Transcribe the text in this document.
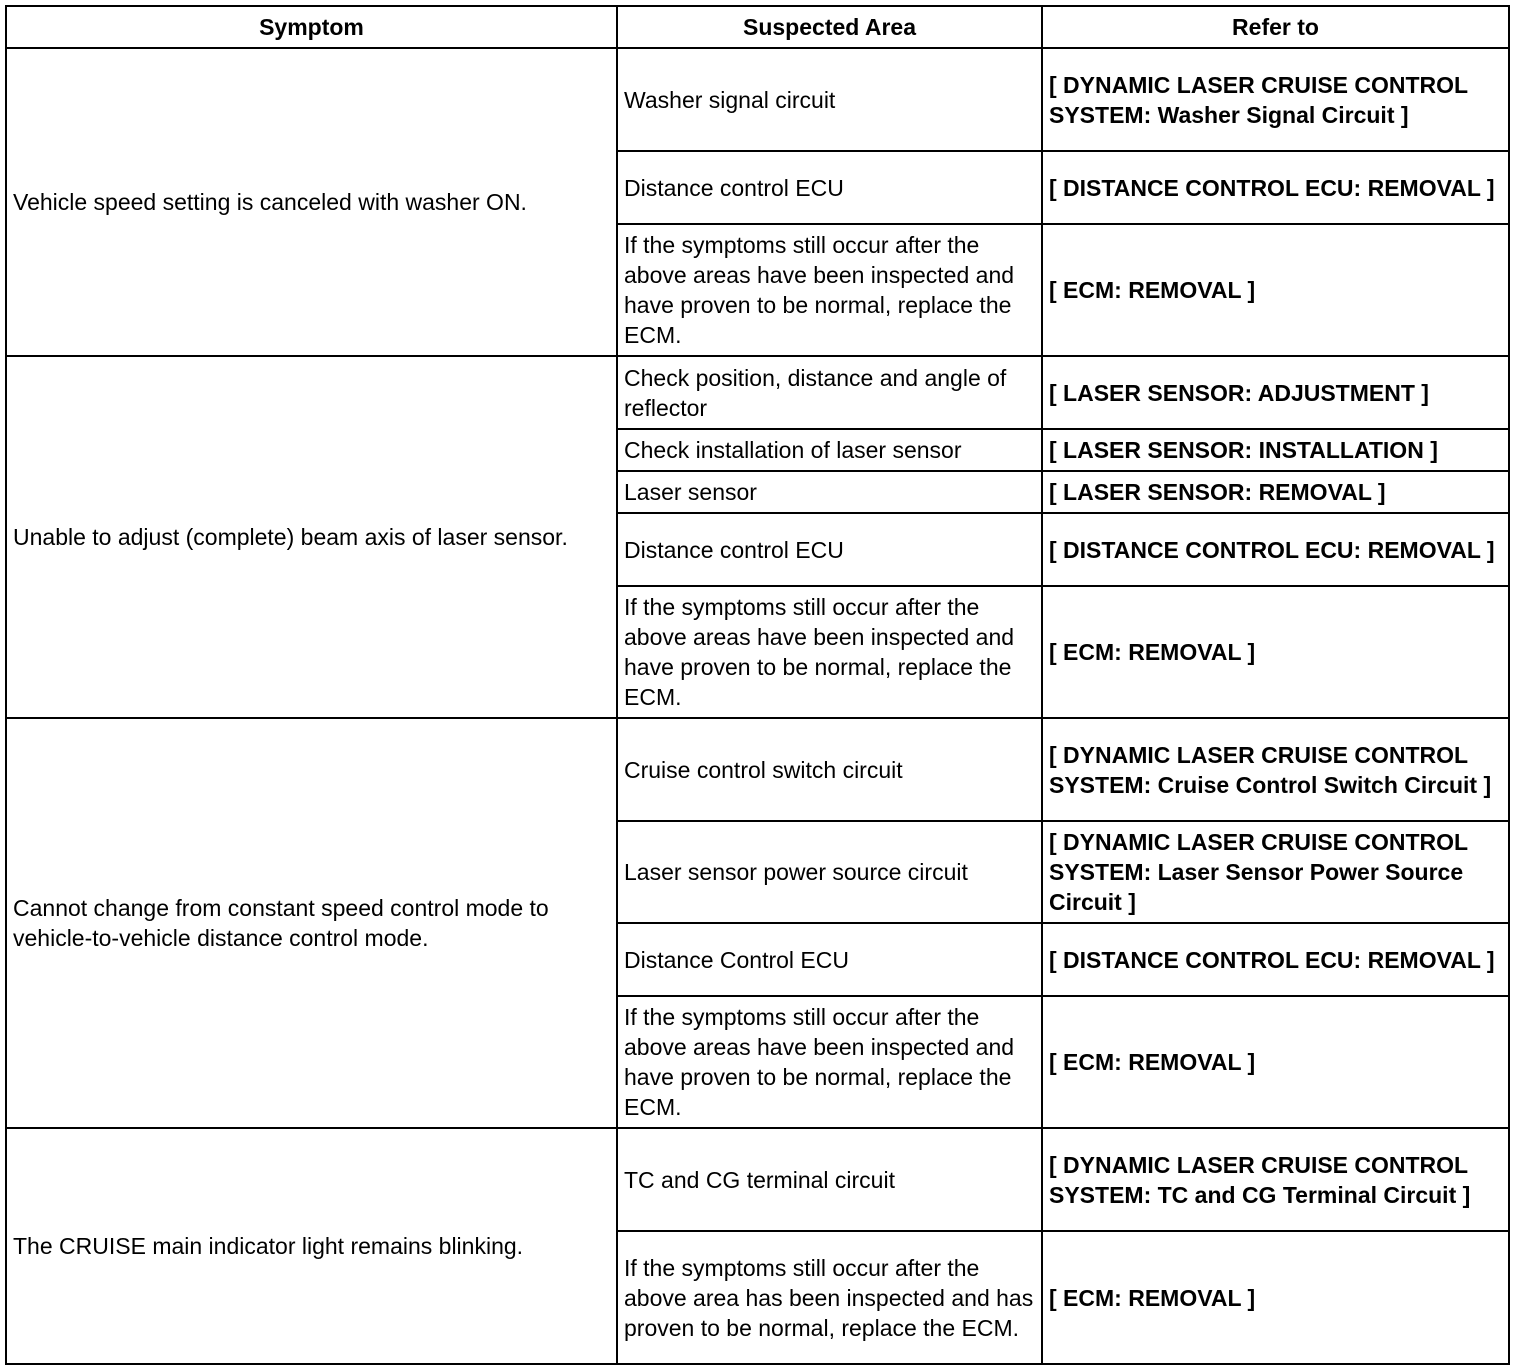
Symptom	Suspected Area	Refer to
Vehicle speed setting is canceled with washer ON.	Washer signal circuit	[ DYNAMIC LASER CRUISE CONTROL SYSTEM: Washer Signal Circuit ]
	Distance control ECU	[ DISTANCE CONTROL ECU: REMOVAL ]
	If the symptoms still occur after the above areas have been inspected and have proven to be normal, replace the ECM.	[ ECM: REMOVAL ]
Unable to adjust (complete) beam axis of laser sensor.	Check position, distance and angle of reflector	[ LASER SENSOR: ADJUSTMENT ]
	Check installation of laser sensor	[ LASER SENSOR: INSTALLATION ]
	Laser sensor	[ LASER SENSOR: REMOVAL ]
	Distance control ECU	[ DISTANCE CONTROL ECU: REMOVAL ]
	If the symptoms still occur after the above areas have been inspected and have proven to be normal, replace the ECM.	[ ECM: REMOVAL ]
Cannot change from constant speed control mode to vehicle-to-vehicle distance control mode.	Cruise control switch circuit	[ DYNAMIC LASER CRUISE CONTROL SYSTEM: Cruise Control Switch Circuit ]
	Laser sensor power source circuit	[ DYNAMIC LASER CRUISE CONTROL SYSTEM: Laser Sensor Power Source Circuit ]
	Distance Control ECU	[ DISTANCE CONTROL ECU: REMOVAL ]
	If the symptoms still occur after the above areas have been inspected and have proven to be normal, replace the ECM.	[ ECM: REMOVAL ]
The CRUISE main indicator light remains blinking.	TC and CG terminal circuit	[ DYNAMIC LASER CRUISE CONTROL SYSTEM: TC and CG Terminal Circuit ]
	If the symptoms still occur after the above area has been inspected and has proven to be normal, replace the ECM.	[ ECM: REMOVAL ]
